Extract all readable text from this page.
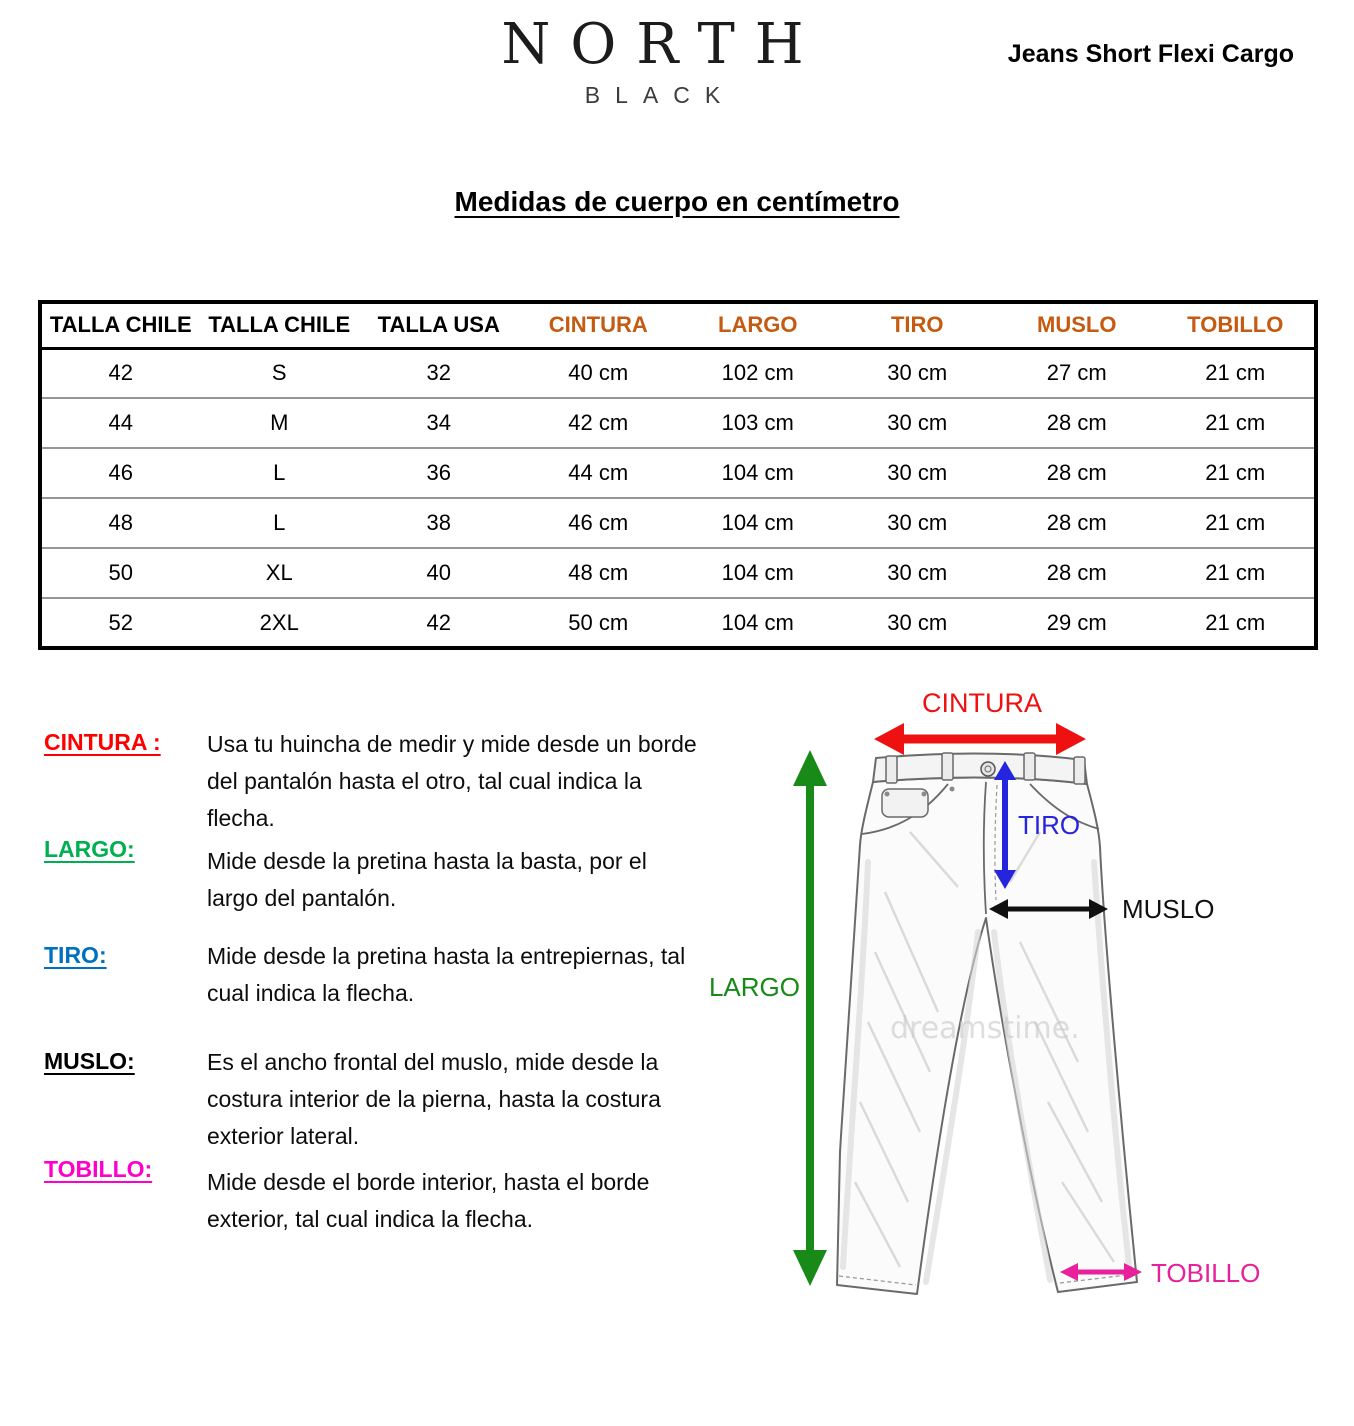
NORTH
BLACK
Jeans Short Flexi Cargo
Medidas de cuerpo en centímetro
TALLA CHILE	TALLA CHILE	TALLA USA	CINTURA	LARGO	TIRO	MUSLO	TOBILLO
42	S	32	40 cm	102 cm	30 cm	27 cm	21 cm
44	M	34	42 cm	103 cm	30 cm	28 cm	21 cm
46	L	36	44 cm	104 cm	30 cm	28 cm	21 cm
48	L	38	46 cm	104 cm	30 cm	28 cm	21 cm
50	XL	40	48 cm	104 cm	30 cm	28 cm	21 cm
52	2XL	42	50 cm	104 cm	30 cm	29 cm	21 cm
CINTURA : Usa tu huincha de medir y mide desde un borde del pantalón hasta el otro, tal cual indica la flecha.
LARGO:	Mide desde la pretina hasta la basta, por el largo del pantalón.
TIRO:	Mide desde la pretina hasta la entrepiernas, tal cual indica la flecha.
MUSLO:	Es el ancho frontal del muslo, mide desde la costura interior de la pierna, hasta la costura exterior lateral.
TOBILLO: Mide desde el borde interior, hasta el borde exterior, tal cual indica la flecha.
dreamstime.
CINTURA
LARGO
TIRO
MUSLO
TOBILLO
